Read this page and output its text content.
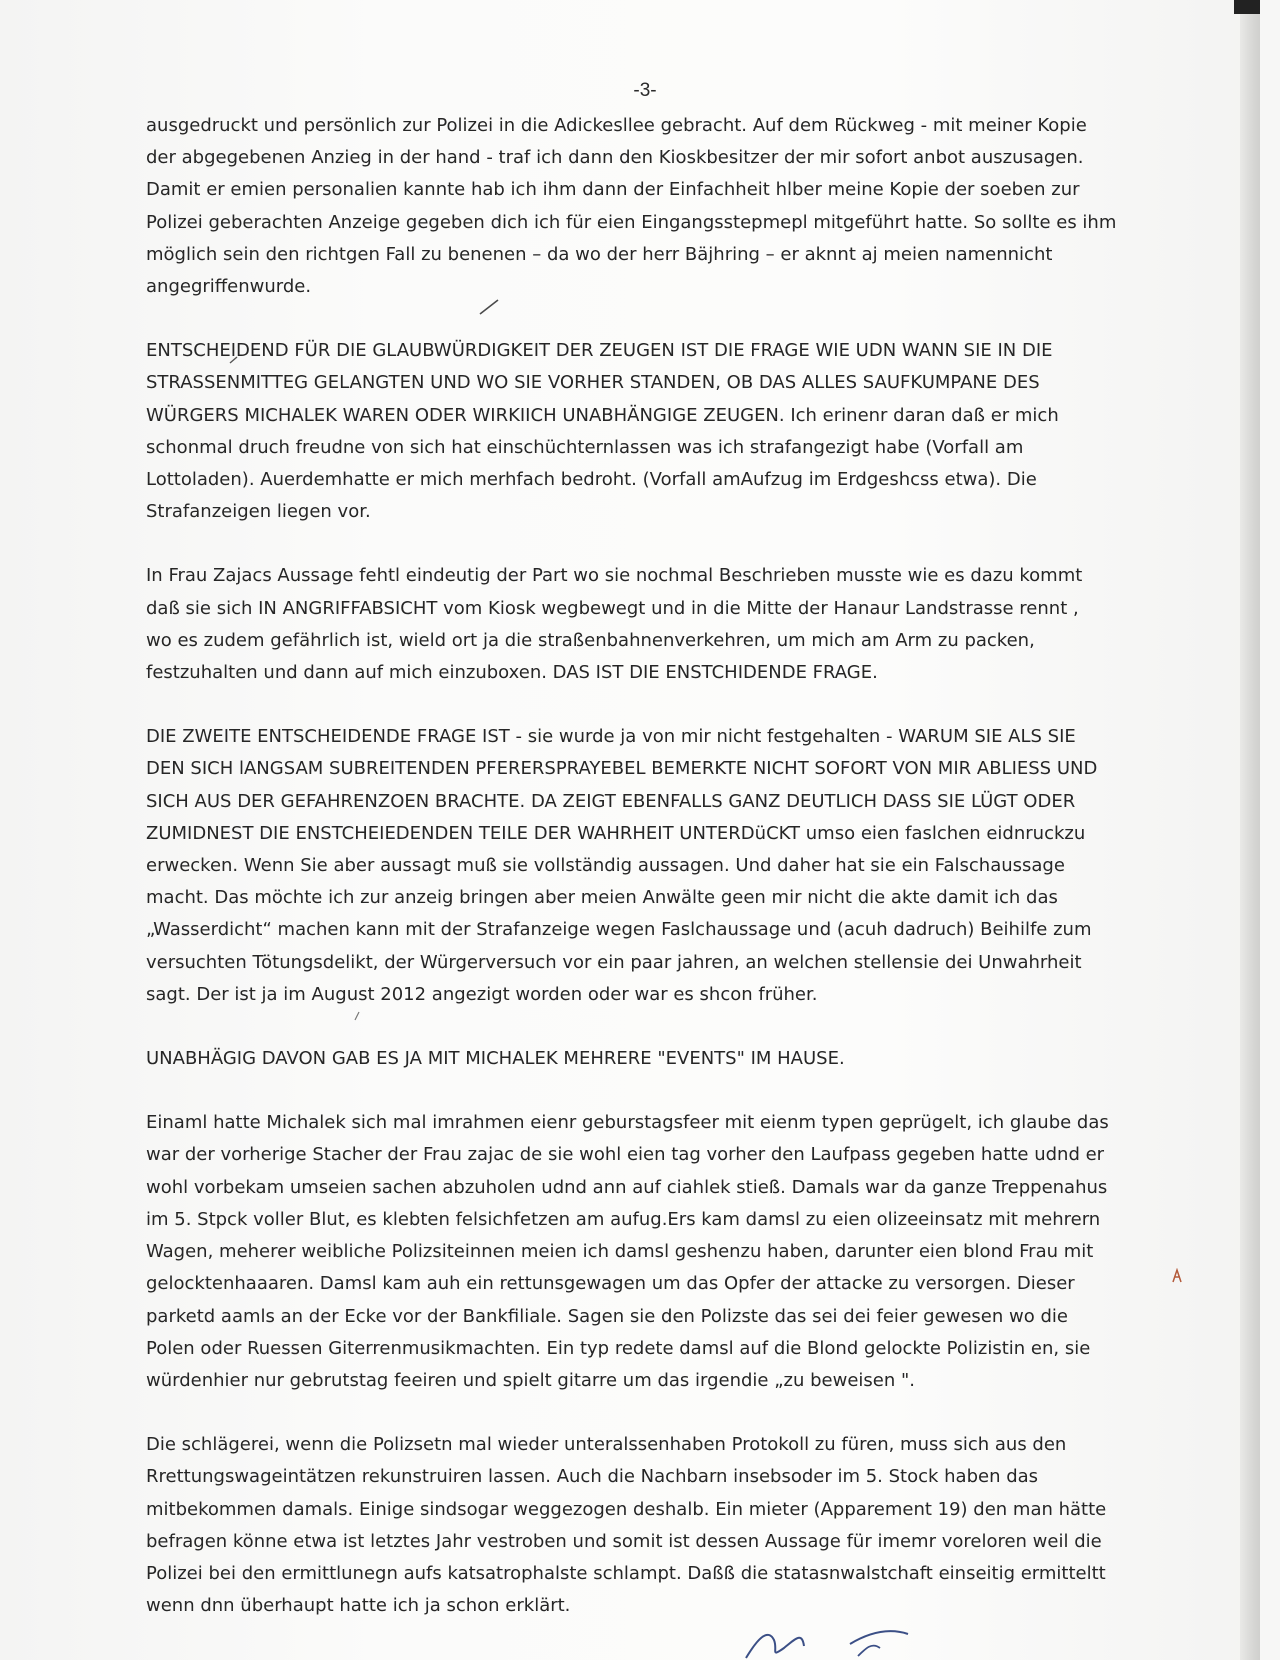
-3-

ausgedruckt und persönlich zur Polizei in die Adickesllee gebracht. Auf dem Rückweg - mit meiner Kopie
der abgegebenen Anzieg in der hand - traf ich dann den Kioskbesitzer der mir sofort anbot auszusagen.
Damit er emien personalien kannte hab ich ihm dann der Einfachheit hlber meine Kopie der soeben zur
Polizei geberachten Anzeige gegeben dich ich für eien Eingangsstepmepl mitgeführt hatte. So sollte es ihm
möglich sein den richtgen Fall zu benenen – da wo der herr Bäjhring – er aknnt aj meien namennicht
angegriffenwurde.

ENTSCHEIDEND FÜR DIE GLAUBWÜRDIGKEIT DER ZEUGEN IST DIE FRAGE WIE UDN WANN SIE IN DIE
STRASSENMITTEG GELANGTEN UND WO SIE VORHER STANDEN, OB DAS ALLES SAUFKUMPANE DES
WÜRGERS MICHALEK WAREN ODER WIRKIICH UNABHÄNGIGE ZEUGEN. Ich erinenr daran daß er mich
schonmal druch freudne von sich hat einschüchternlassen was ich strafangezigt habe (Vorfall am
Lottoladen). Auerdemhatte er mich merhfach bedroht. (Vorfall amAufzug im Erdgeshcss etwa). Die
Strafanzeigen liegen vor.

In Frau Zajacs Aussage fehtl eindeutig der Part wo sie nochmal Beschrieben musste wie es dazu kommt
daß sie sich IN ANGRIFFABSICHT vom Kiosk wegbewegt und in die Mitte der Hanaur Landstrasse rennt ,
wo es zudem gefährlich ist, wield ort ja die straßenbahnenverkehren, um mich am Arm zu packen,
festzuhalten und dann auf mich einzuboxen. DAS IST DIE ENSTCHIDENDE FRAGE.

DIE ZWEITE ENTSCHEIDENDE FRAGE IST - sie wurde ja von mir nicht festgehalten - WARUM SIE ALS SIE
DEN SICH lANGSAM SUBREITENDEN PFERERSPRAYEBEL BEMERKTE NICHT SOFORT VON MIR ABLIESS UND
SICH AUS DER GEFAHRENZOEN BRACHTE. DA ZEIGT EBENFALLS GANZ DEUTLICH DASS SIE LÜGT ODER
ZUMIDNEST DIE ENSTCHEIEDENDEN TEILE DER WAHRHEIT UNTERDüCKT umso eien faslchen eidnruckzu
erwecken. Wenn Sie aber aussagt muß sie vollständig aussagen. Und daher hat sie ein Falschaussage
macht. Das möchte ich zur anzeig bringen aber meien Anwälte geen mir nicht die akte damit ich das
„Wasserdicht“ machen kann mit der Strafanzeige wegen Faslchaussage und (acuh dadruch) Beihilfe zum
versuchten Tötungsdelikt, der Würgerversuch vor ein paar jahren, an welchen stellensie dei Unwahrheit
sagt. Der ist ja im August 2012 angezigt worden oder war es shcon früher.

UNABHÄGIG DAVON GAB ES JA MIT MICHALEK MEHRERE "EVENTS" IM HAUSE.

Einaml hatte Michalek sich mal imrahmen eienr geburstagsfeer mit eienm typen geprügelt, ich glaube das
war der vorherige Stacher der Frau zajac de sie wohl eien tag vorher den Laufpass gegeben hatte udnd er
wohl vorbekam umseien sachen abzuholen udnd ann auf ciahlek stieß. Damals war da ganze Treppenahus
im 5. Stpck voller Blut, es klebten felsichfetzen am aufug.Ers kam damsl zu eien olizeeinsatz mit mehrern
Wagen, meherer weibliche Polizsiteinnen meien ich damsl geshenzu haben, darunter eien blond Frau mit
gelocktenhaaaren. Damsl kam auh ein rettunsgewagen um das Opfer der attacke zu versorgen. Dieser
parketd aamls an der Ecke vor der Bankfiliale. Sagen sie den Polizste das sei dei feier gewesen wo die
Polen oder Ruessen Giterrenmusikmachten. Ein typ redete damsl auf die Blond gelockte Polizistin en, sie
würdenhier nur gebrutstag feeiren und spielt gitarre um das irgendie „zu beweisen ".

Die schlägerei, wenn die Polizsetn mal wieder unteralssenhaben Protokoll zu füren, muss sich aus den
Rrettungswageintätzen rekunstruiren lassen. Auch die Nachbarn insebsoder im 5. Stock haben das
mitbekommen damals. Einige sindsogar weggezogen deshalb. Ein mieter (Apparement 19) den man hätte
befragen könne etwa ist letztes Jahr vestroben und somit ist dessen Aussage für imemr voreloren weil die
Polizei bei den ermittlunegn aufs katsatrophalste schlampt. Daßß die statasnwalstchaft einseitig ermitteltt
wenn dnn überhaupt hatte ich ja schon erklärt.
